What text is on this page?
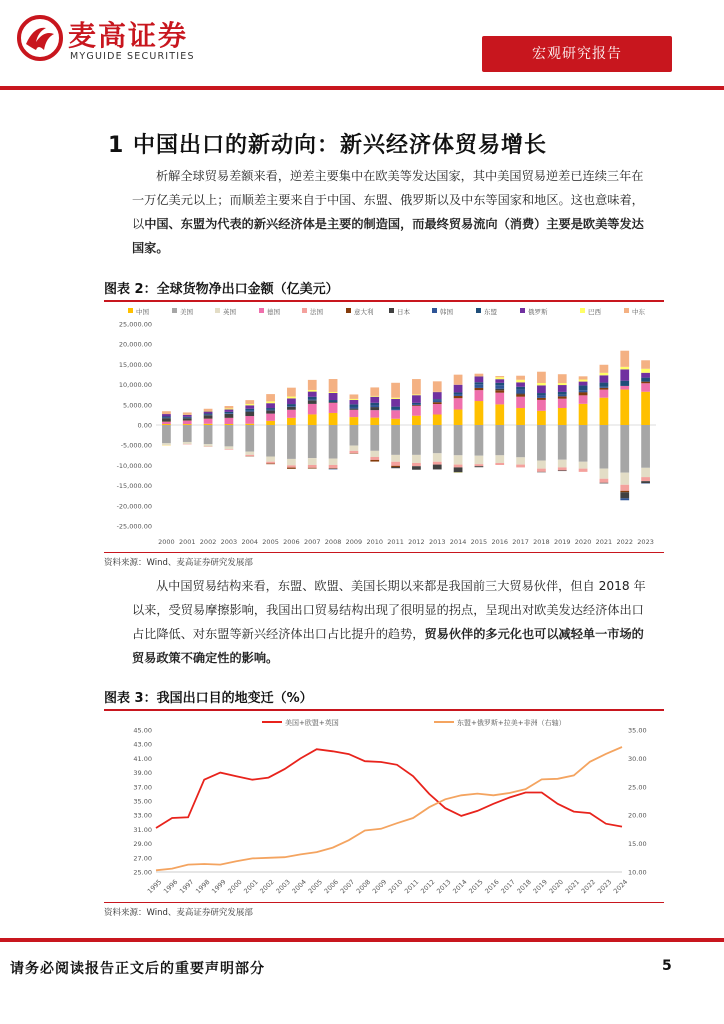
麦高证券
MYGUIDE SECURITIES	宏观研究报告
1 中国出口的新动向：新兴经济体贸易增长
析解全球贸易差额来看，逆差主要集中在欧美等发达国家，其中美国贸易逆差已连续三年在一万亿美元以上；而顺差主要来自于中国、东盟、俄罗斯以及中东等国家和地区。这也意味着，以中国、东盟为代表的新兴经济体是主要的制造国，而最终贸易流向（消费）主要是欧美等发达国家。
图表 2：全球货物净出口金额（亿美元）
中国	美国	英国	德国	法国	意大利	日本	韩国	东盟	俄罗斯	巴西	中东
-25,000.00
-20,000.00
-15,000.00
-10,000.00
-5,000.00
0.00
5,000.00
10,000.00
15,000.00
20,000.00
25,000.00
2000 2001 2002 2003 2004 2005 2006 2007 2008 2009 2010 2011 2012 2013 2014 2015 2016 2017 2018 2019 2020 2021 2022 2023
资料来源：Wind、麦高证券研究发展部
从中国贸易结构来看，东盟、欧盟、美国长期以来都是我国前三大贸易伙伴，但自 2018 年以来，受贸易摩擦影响，我国出口贸易结构出现了很明显的拐点，呈现出对欧美发达经济体出口占比降低、对东盟等新兴经济体出口占比提升的趋势，贸易伙伴的多元化也可以减轻单一市场的贸易政策不确定性的影响。
图表 3：我国出口目的地变迁（%）
美国+欧盟+英国	东盟+俄罗斯+拉美+非洲（右轴）
25.00
27.00
29.00
31.00
33.00
35.00
37.00
39.00
41.00
43.00
45.00
10.00
15.00
20.00
25.00
30.00
35.00
1995
1996
1997
1998
1999
2000
2001
2002
2003
2004
2005
2006
2007
2008
2009
2010
2011
2012
2013
2014
2015
2016
2017
2018
2019
2020
2021
2022
2023
2024
资料来源：Wind、麦高证券研究发展部
请务必阅读报告正文后的重要声明部分	5
